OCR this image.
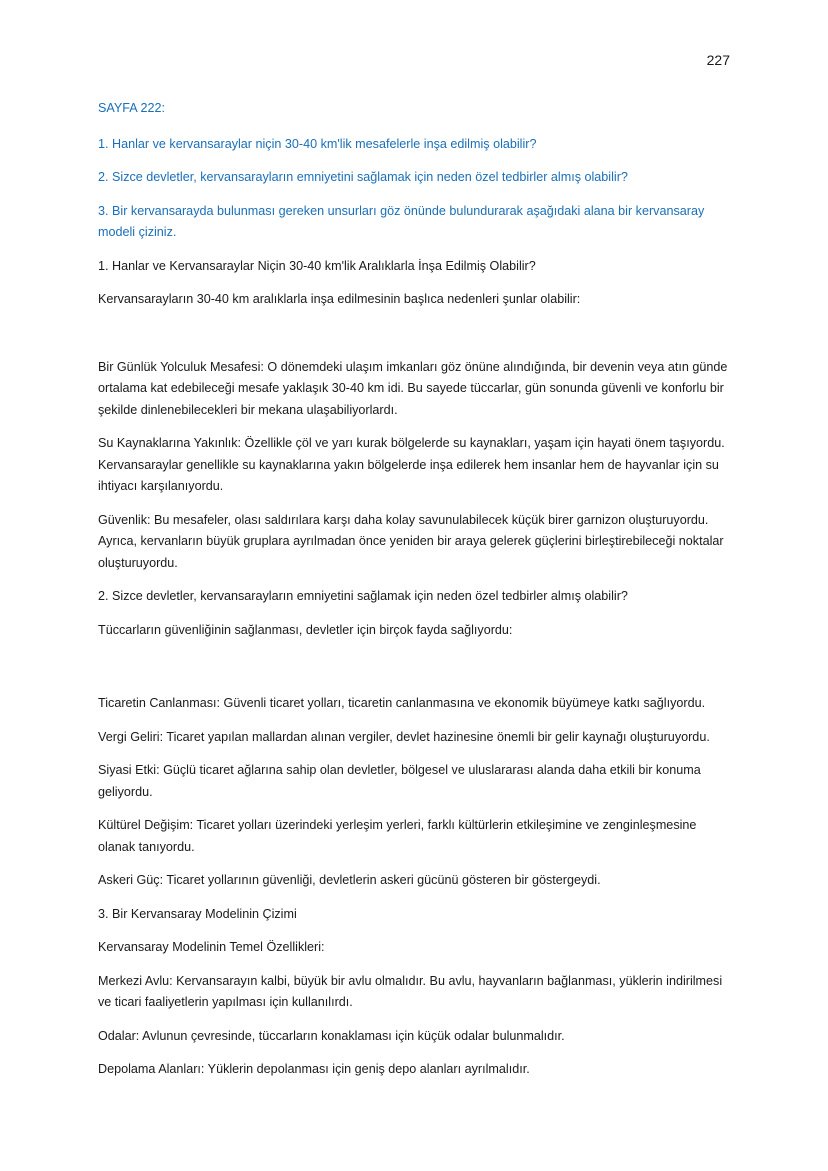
227

SAYFA 222:

1. Hanlar ve kervansaraylar niçin 30-40 km'lik mesafelerle inşa edilmiş olabilir?

2. Sizce devletler, kervansarayların emniyetini sağlamak için neden özel tedbirler almış olabilir?

3. Bir kervansarayda bulunması gereken unsurları göz önünde bulundurarak aşağıdaki alana bir kervansaray modeli çiziniz.

1. Hanlar ve Kervansaraylar Niçin 30-40 km'lik Aralıklarla İnşa Edilmiş Olabilir?

Kervansarayların 30-40 km aralıklarla inşa edilmesinin başlıca nedenleri şunlar olabilir:

Bir Günlük Yolculuk Mesafesi: O dönemdeki ulaşım imkanları göz önüne alındığında, bir devenin veya atın günde ortalama kat edebileceği mesafe yaklaşık 30-40 km idi. Bu sayede tüccarlar, gün sonunda güvenli ve konforlu bir şekilde dinlenebilecekleri bir mekana ulaşabiliyorlardı.

Su Kaynaklarına Yakınlık: Özellikle çöl ve yarı kurak bölgelerde su kaynakları, yaşam için hayati önem taşıyordu. Kervansaraylar genellikle su kaynaklarına yakın bölgelerde inşa edilerek hem insanlar hem de hayvanlar için su ihtiyacı karşılanıyordu.

Güvenlik: Bu mesafeler, olası saldırılara karşı daha kolay savunulabilecek küçük birer garnizon oluşturuyordu. Ayrıca, kervanların büyük gruplara ayrılmadan önce yeniden bir araya gelerek güçlerini birleştirebileceği noktalar oluşturuyordu.

2. Sizce devletler, kervansarayların emniyetini sağlamak için neden özel tedbirler almış olabilir?

Tüccarların güvenliğinin sağlanması, devletler için birçok fayda sağlıyordu:

Ticaretin Canlanması: Güvenli ticaret yolları, ticaretin canlanmasına ve ekonomik büyümeye katkı sağlıyordu.

Vergi Geliri: Ticaret yapılan mallardan alınan vergiler, devlet hazinesine önemli bir gelir kaynağı oluşturuyordu.

Siyasi Etki: Güçlü ticaret ağlarına sahip olan devletler, bölgesel ve uluslararası alanda daha etkili bir konuma geliyordu.

Kültürel Değişim: Ticaret yolları üzerindeki yerleşim yerleri, farklı kültürlerin etkileşimine ve zenginleşmesine olanak tanıyordu.

Askeri Güç: Ticaret yollarının güvenliği, devletlerin askeri gücünü gösteren bir göstergeydi.

3. Bir Kervansaray Modelinin Çizimi

Kervansaray Modelinin Temel Özellikleri:

Merkezi Avlu: Kervansarayın kalbi, büyük bir avlu olmalıdır. Bu avlu, hayvanların bağlanması, yüklerin indirilmesi ve ticari faaliyetlerin yapılması için kullanılırdı.

Odalar: Avlunun çevresinde, tüccarların konaklaması için küçük odalar bulunmalıdır.

Depolama Alanları: Yüklerin depolanması için geniş depo alanları ayrılmalıdır.
